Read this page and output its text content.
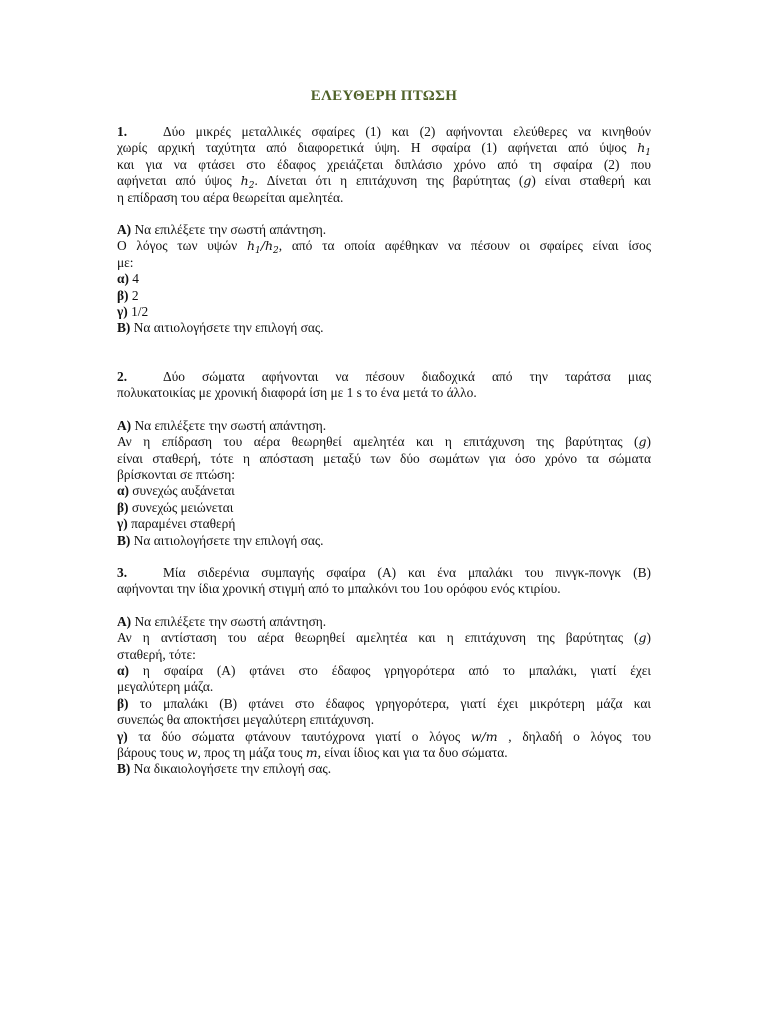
ΕΛΕΥΘΕΡΗ ΠΤΩΣΗ

1.	Δύο μικρές μεταλλικές σφαίρες (1) και (2) αφήνονται ελεύθερες να κινηθούν

χωρίς αρχική ταχύτητα από διαφορετικά ύψη. Η σφαίρα (1) αφήνεται από ύψος $h_1$

και για να φτάσει στο έδαφος χρειάζεται διπλάσιο χρόνο από τη σφαίρα (2) που

αφήνεται από ύψος $h_2$. Δίνεται ότι η επιτάχυνση της βαρύτητας (g) είναι σταθερή και

η επίδραση του αέρα θεωρείται αμελητέα.

Α) Να επιλέξετε την σωστή απάντηση.

Ο λόγος των υψών $h_1/h_2$, από τα οποία αφέθηκαν να πέσουν οι σφαίρες είναι ίσος

με:

α) 4

β) 2

γ) 1/2

Β) Να αιτιολογήσετε την επιλογή σας.

2.	Δύο σώματα αφήνονται να πέσουν διαδοχικά από την ταράτσα μιας

πολυκατοικίας με χρονική διαφορά ίση με 1 s το ένα μετά το άλλο.

Α) Να επιλέξετε την σωστή απάντηση.

Αν η επίδραση του αέρα θεωρηθεί αμελητέα και η επιτάχυνση της βαρύτητας (g)

είναι σταθερή, τότε η απόσταση μεταξύ των δύο σωμάτων για όσο χρόνο τα σώματα

βρίσκονται σε πτώση:

α) συνεχώς αυξάνεται

β) συνεχώς μειώνεται

γ) παραμένει σταθερή

Β) Να αιτιολογήσετε την επιλογή σας.

3.	Μία σιδερένια συμπαγής σφαίρα (Α) και ένα μπαλάκι του πινγκ-πονγκ (Β)

αφήνονται την ίδια χρονική στιγμή από το μπαλκόνι του 1ου ορόφου ενός κτιρίου.

Α) Να επιλέξετε την σωστή απάντηση.

Αν η αντίσταση του αέρα θεωρηθεί αμελητέα και η επιτάχυνση της βαρύτητας (g)

σταθερή, τότε:

α) η σφαίρα (Α) φτάνει στο έδαφος γρηγορότερα από το μπαλάκι, γιατί έχει

μεγαλύτερη μάζα.

β) το μπαλάκι (Β) φτάνει στο έδαφος γρηγορότερα, γιατί έχει μικρότερη μάζα και

συνεπώς θα αποκτήσει μεγαλύτερη επιτάχυνση.

γ) τα δύο σώματα φτάνουν ταυτόχρονα γιατί ο λόγος w/m , δηλαδή ο λόγος του

βάρους τους w, προς τη μάζα τους m, είναι ίδιος και για τα δυο σώματα.

Β) Να δικαιολογήσετε την επιλογή σας.
